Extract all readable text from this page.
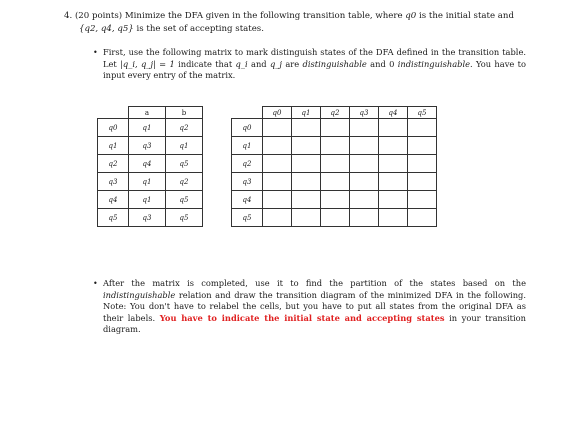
4. (20 points) Minimize the DFA given in the following transition table, where q0 is the initial state and
{q2, q4, q5} is the set of accepting states.
• First, use the following matrix to mark distinguish states of the DFA defined in the transition table. Let |q_i, q_j| = 1 indicate that q_i and q_j are distinguishable and 0 indistinguishable. You have to input every entry of the matrix.
	a	b
q0	q1	q2
q1	q3	q1
q2	q4	q5
q3	q1	q2
q4	q1	q5
q5	q3	q5
	q0	q1	q2	q3	q4	q5
q0						
q1						
q2						
q3						
q4						
q5						
• After the matrix is completed, use it to find the partition of the states based on the indistinguishable relation and draw the transition diagram of the minimized DFA in the following. Note: You don't have to relabel the cells, but you have to put all states from the original DFA as their labels. You have to indicate the initial state and accepting states in your transition diagram.
